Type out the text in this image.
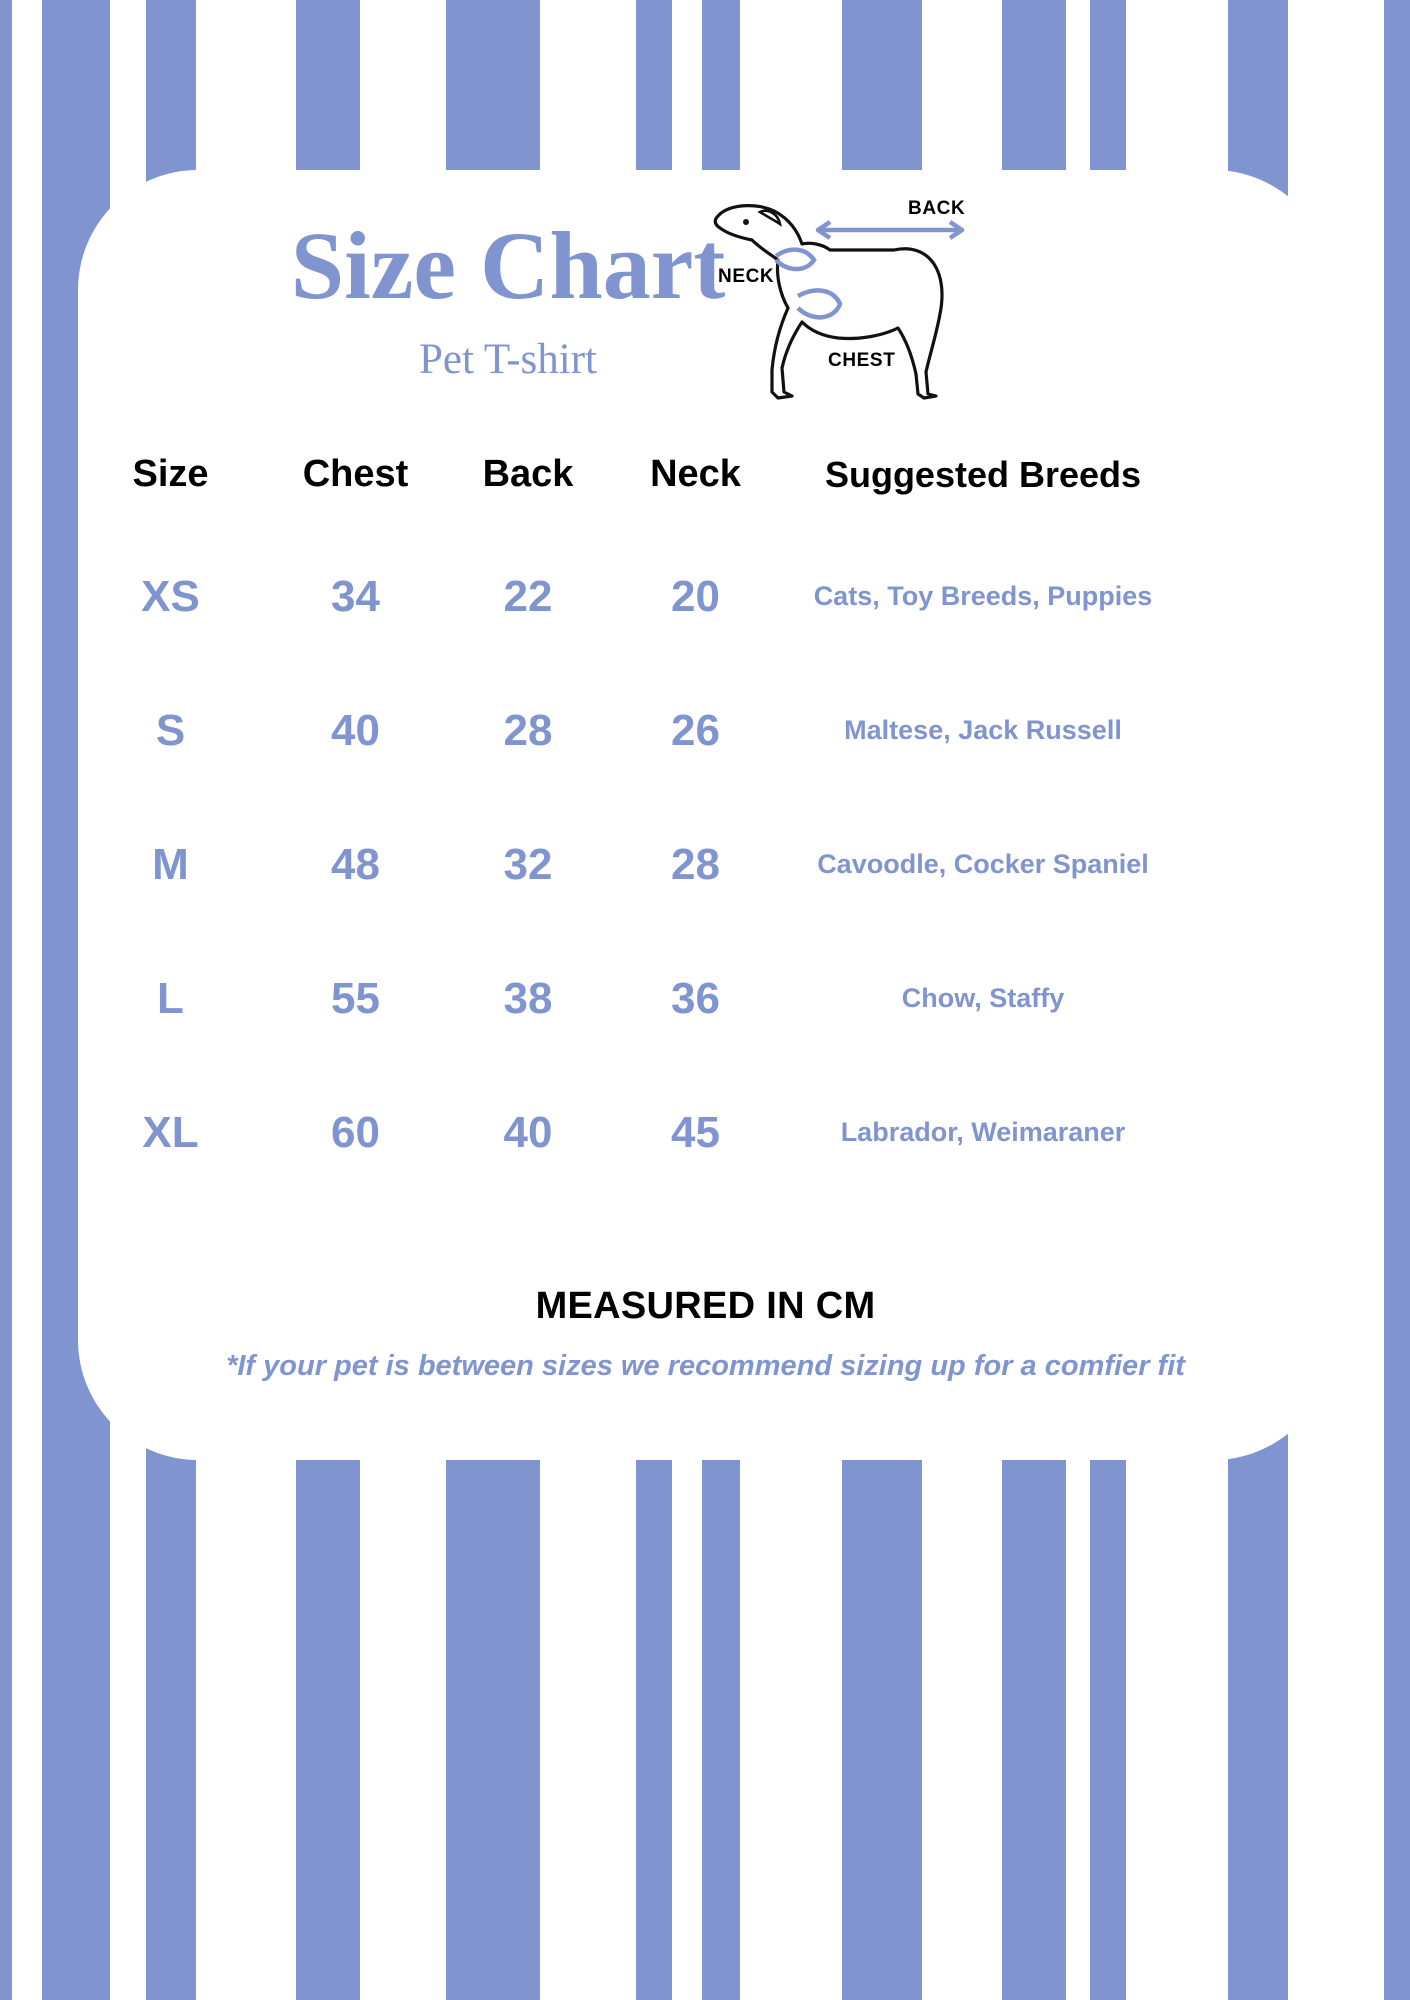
Size Chart
Pet T-shirt
BACK
NECK
CHEST
Size	Chest	Back	Neck	Suggested Breeds
XS	34	22	20	Cats, Toy Breeds, Puppies
S	40	28	26	Maltese, Jack Russell
M	48	32	28	Cavoodle, Cocker Spaniel
L	55	38	36	Chow, Staffy
XL	60	40	45	Labrador, Weimaraner
MEASURED IN CM
*If your pet is between sizes we recommend sizing up for a comfier fit
